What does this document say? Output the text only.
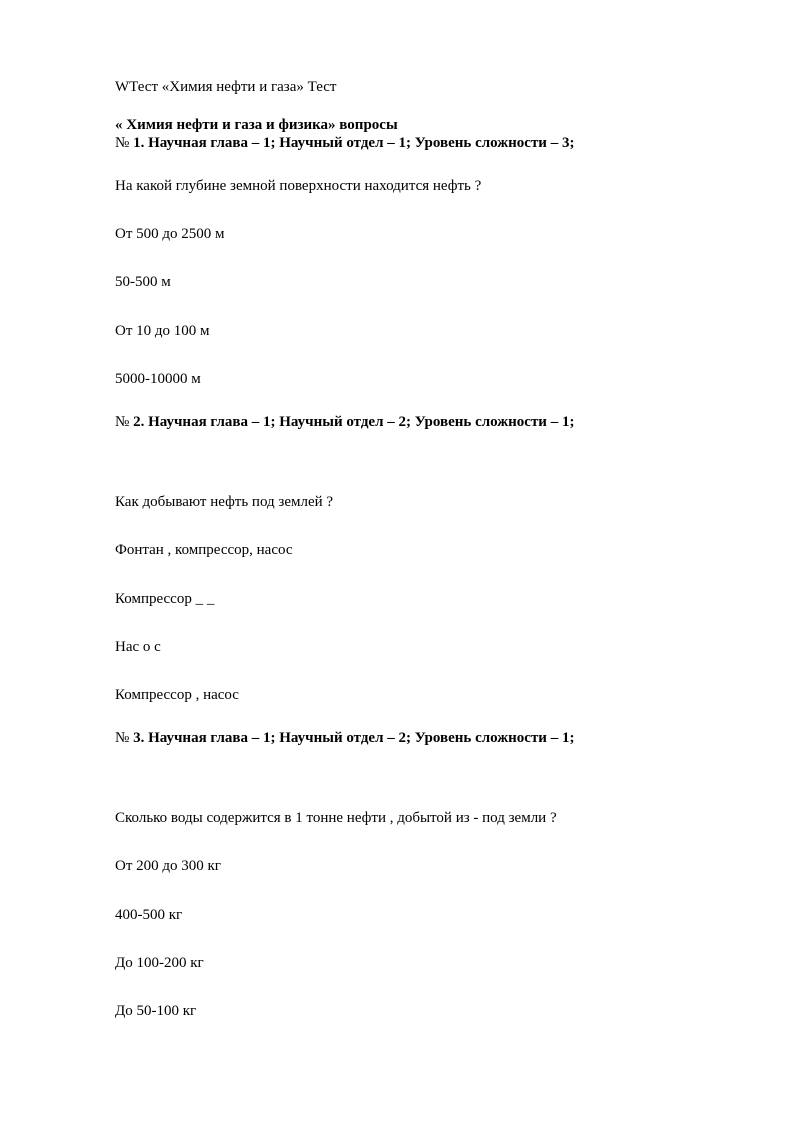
WТест «Химия нефти и газа» Тест
« Химия нефти и газа и физика» вопросы
№ 1. Научная глава – 1; Научный отдел – 1; Уровень сложности – 3;
На какой глубине земной поверхности находится нефть ?
От 500 до 2500 м
50-500 м
От 10 до 100 м
5000-10000 м
№ 2. Научная глава – 1; Научный отдел – 2; Уровень сложности – 1;
Как добывают нефть под землей ?
Фонтан , компрессор, насос
Компрессор _ _
Нас о с
Компрессор , насос
№ 3. Научная глава – 1; Научный отдел – 2; Уровень сложности – 1;
Сколько воды содержится в 1 тонне нефти , добытой из - под земли ?
От 200 до 300 кг
400-500 кг
До 100-200 кг
До 50-100 кг
